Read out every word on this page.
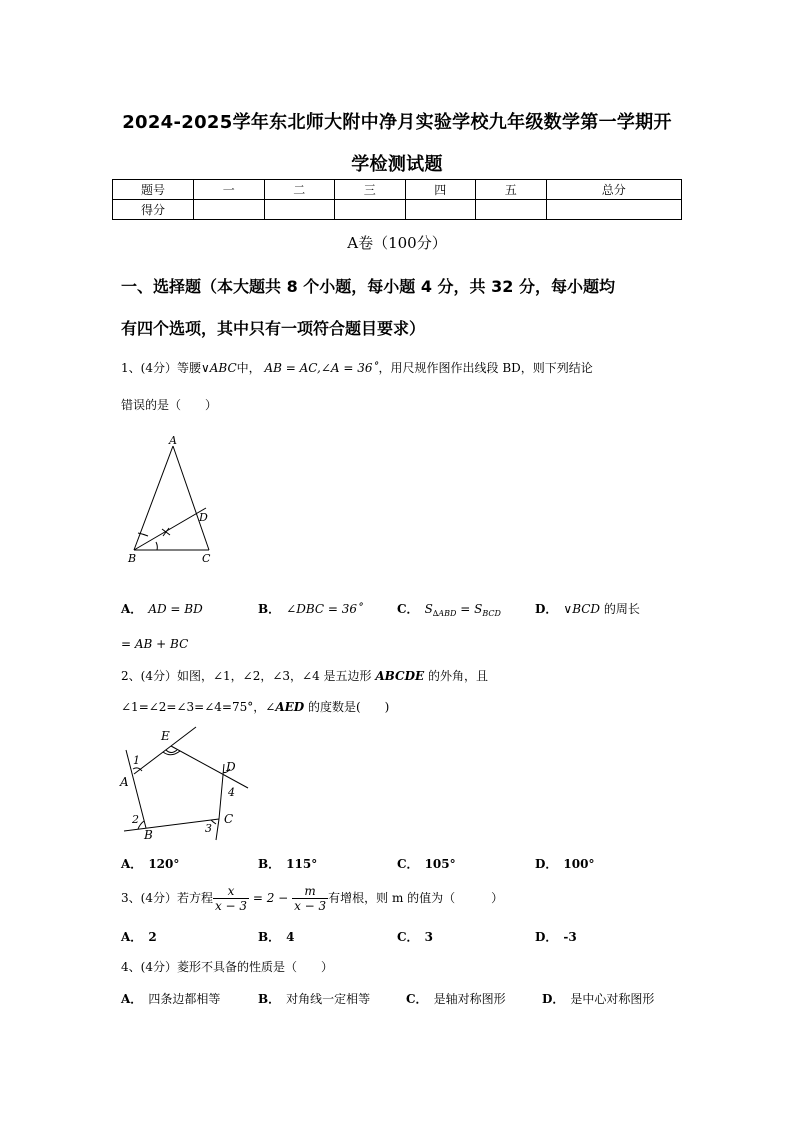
2024-2025学年东北师大附中净月实验学校九年级数学第一学期开
学检测试题
题号	一	二	三	四	五	总分
得分						
A卷（100分）
一、选择题（本大题共 8 个小题，每小题 4 分，共 32 分，每小题均
有四个选项，其中只有一项符合题目要求）
1、(4分）等腰∨ABC中， AB = AC,∠A = 36˚，用尺规作图作出线段 BD，则下列结论
错误的是（　　）
A
B	C
D
A． AD = BD	B． ∠DBC = 36˚	C． $S_{\Delta ABD} = S_{BCD}$	D． ∨BCD 的周长
= AB + BC
2、(4分）如图，∠1，∠2，∠3，∠4 是五边形 ABCDE 的外角，且
∠1=∠2=∠3=∠4=75°，∠AED 的度数是(　　)
E
D
A
B
C
1
2
3
4
A． 120°	B． 115°	C． 105°	D． 100°
3、(4分）若方程 $\frac{x}{x - 3} = 2 - \frac{m}{x - 3}$ 有增根，则 m 的值为（　　　）
A． 2	B． 4	C． 3	D． -3
4、(4分）菱形不具备的性质是（　　）
A． 四条边都相等	B． 对角线一定相等	C． 是轴对称图形	D． 是中心对称图形
